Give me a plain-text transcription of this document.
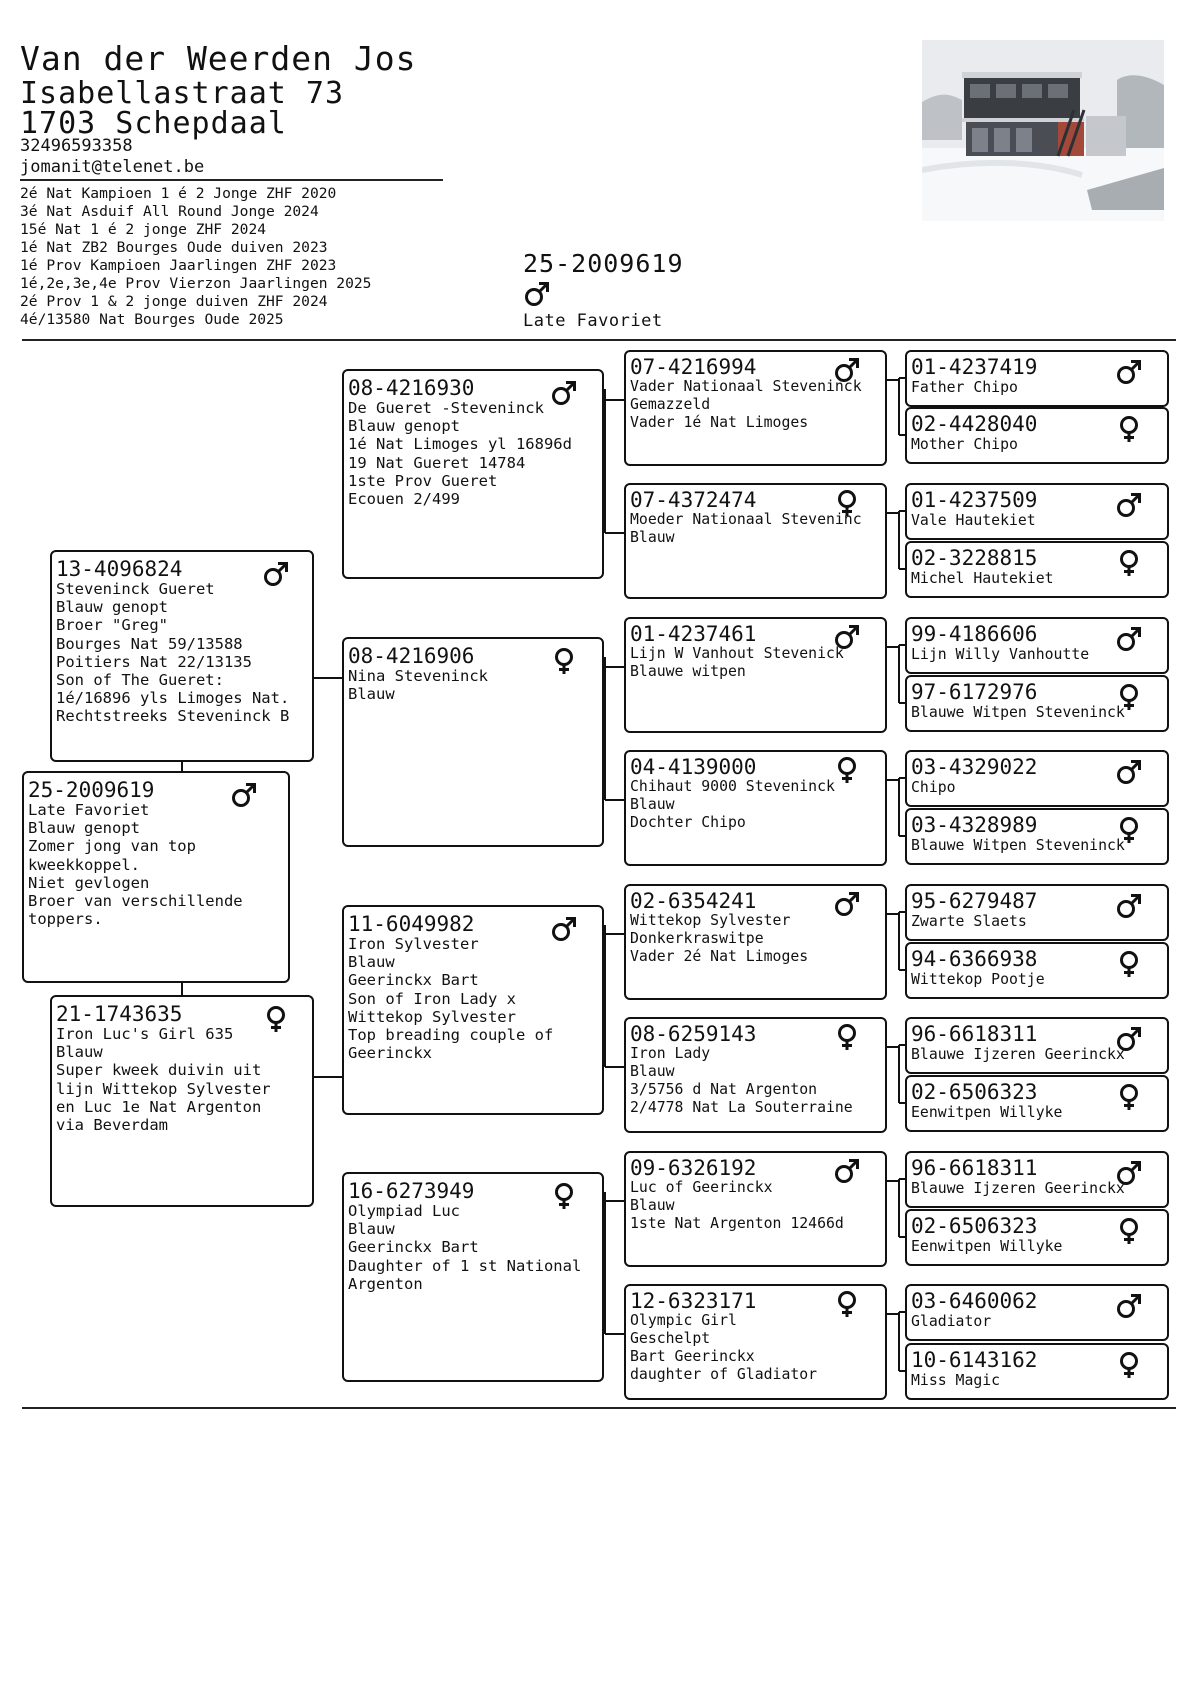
Van der Weerden Jos
Isabellastraat 73
1703 Schepdaal
32496593358
jomanit@telenet.be
2é Nat Kampioen 1 é 2 Jonge ZHF 2020
3é Nat Asduif All Round Jonge 2024
15é Nat 1 é 2 jonge ZHF 2024
1é Nat ZB2 Bourges Oude duiven 2023
1é Prov Kampioen Jaarlingen ZHF 2023
1é,2e,3e,4e Prov Vierzon Jaarlingen 2025
2é Prov 1 & 2 jonge duiven ZHF 2024
4é/13580 Nat Bourges Oude 2025
25-2009619
Late Favoriet
25-2009619
Late Favoriet
Blauw genopt
Zomer jong van top
kweekkoppel.
Niet gevlogen
Broer van verschillende
toppers.
13-4096824
Steveninck Gueret
Blauw genopt
Broer "Greg"
Bourges Nat 59/13588
Poitiers Nat 22/13135
Son of The Gueret:
1é/16896 yls Limoges Nat.
Rechtstreeks Steveninck B
21-1743635
Iron Luc's Girl 635
Blauw
Super kweek duivin uit
lijn Wittekop Sylvester
en Luc 1e Nat Argenton
via Beverdam
08-4216930
De Gueret -Steveninck
Blauw genopt
1é Nat Limoges yl 16896d
19 Nat Gueret 14784
1ste Prov Gueret
Ecouen 2/499
08-4216906
Nina Steveninck
Blauw
11-6049982
Iron Sylvester
Blauw
Geerinckx Bart
Son of Iron Lady x
Wittekop Sylvester
Top breading couple of
Geerinckx
16-6273949
Olympiad Luc
Blauw
Geerinckx Bart
Daughter of 1 st National
Argenton
07-4216994
Vader Nationaal Steveninck
Gemazzeld
Vader 1é Nat Limoges
07-4372474
Moeder Nationaal Steveninc
Blauw
01-4237461
Lijn W Vanhout Stevenick
Blauwe witpen
04-4139000
Chihaut 9000 Steveninck
Blauw
Dochter Chipo
02-6354241
Wittekop Sylvester
Donkerkraswitpe
Vader 2é Nat Limoges
08-6259143
Iron Lady
Blauw
3/5756 d Nat Argenton
2/4778 Nat La Souterraine
09-6326192
Luc of Geerinckx
Blauw
1ste Nat Argenton 12466d
12-6323171
Olympic Girl
Geschelpt
Bart Geerinckx
daughter of Gladiator
01-4237419
Father Chipo
02-4428040
Mother Chipo
01-4237509
Vale Hautekiet
02-3228815
Michel Hautekiet
99-4186606
Lijn Willy Vanhoutte
97-6172976
Blauwe Witpen Steveninck
03-4329022
Chipo
03-4328989
Blauwe Witpen Steveninck
95-6279487
Zwarte Slaets
94-6366938
Wittekop Pootje
96-6618311
Blauwe Ijzeren Geerinckx
02-6506323
Eenwitpen Willyke
96-6618311
Blauwe Ijzeren Geerinckx
02-6506323
Eenwitpen Willyke
03-6460062
Gladiator
10-6143162
Miss Magic
